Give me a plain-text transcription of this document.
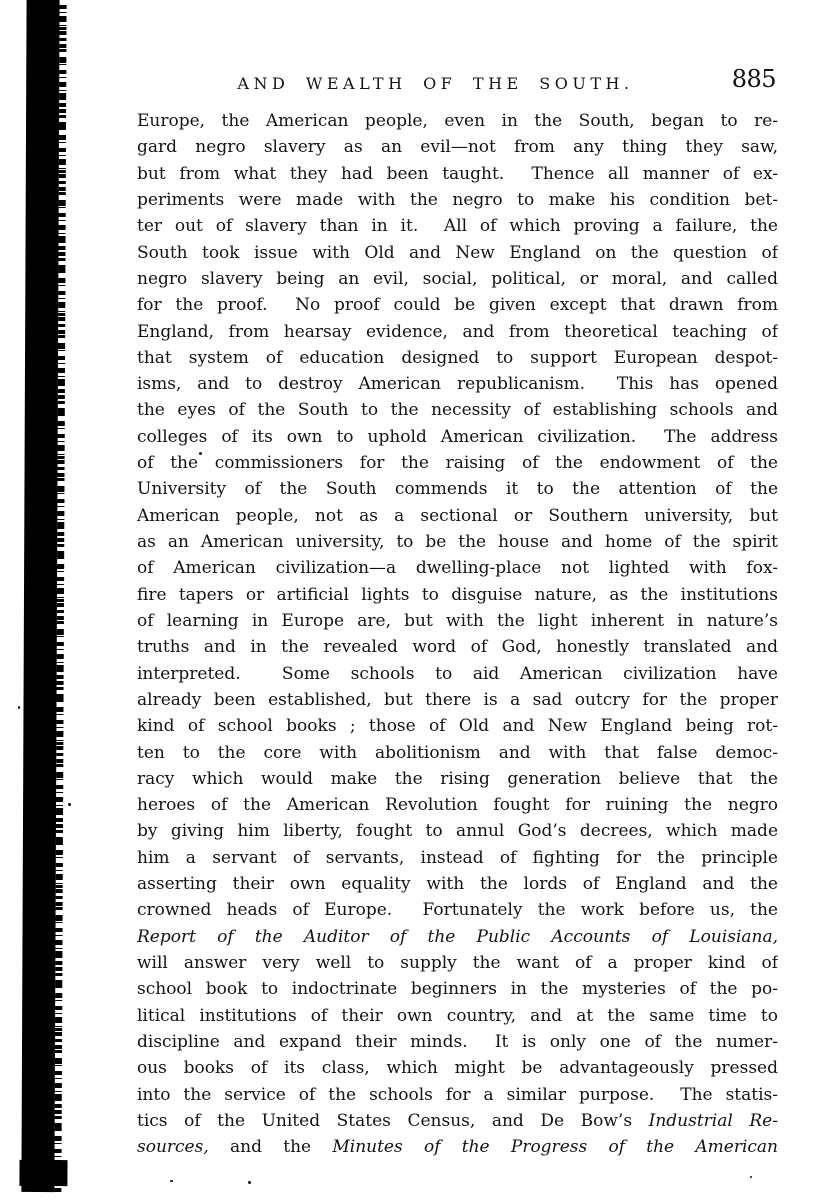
AND WEALTH OF THE SOUTH.	885
Europe, the American people, even in the South, began to re-
gard negro slavery as an evil—not from any thing they saw,
but from what they had been taught.  Thence all manner of ex-
periments were made with the negro to make his condition bet-
ter out of slavery than in it.  All of which proving a failure, the
South took issue with Old and New England on the question of
negro slavery being an evil, social, political, or moral, and called
for the proof.  No proof could be given except that drawn from
England, from hearsay evidence, and from theoretical teaching of
that system of education designed to support European despot-
isms, and to destroy American republicanism.  This has opened
the eyes of the South to the necessity of establishing schools and
colleges of its own to uphold American civilization.  The address
of the commissioners for the raising of the endowment of the
University of the South commends it to the attention of the
American people, not as a sectional or Southern university, but
as an American university, to be the house and home of the spirit
of American civilization—a dwelling-place not lighted with fox-
fire tapers or artificial lights to disguise nature, as the institutions
of learning in Europe are, but with the light inherent in nature’s
truths and in the revealed word of God, honestly translated and
interpreted.  Some schools to aid American civilization have
already been established, but there is a sad outcry for the proper
kind of school books ; those of Old and New England being rot-
ten to the core with abolitionism and with that false democ-
racy which would make the rising generation believe that the
heroes of the American Revolution fought for ruining the negro
by giving him liberty, fought to annul God’s decrees, which made
him a servant of servants, instead of fighting for the principle
asserting their own equality with the lords of England and the
crowned heads of Europe.  Fortunately the work before us, the
Report of the Auditor of the Public Accounts of Louisiana,
will answer very well to supply the want of a proper kind of
school book to indoctrinate beginners in the mysteries of the po-
litical institutions of their own country, and at the same time to
discipline and expand their minds.  It is only one of the numer-
ous books of its class, which might be advantageously pressed
into the service of the schools for a similar purpose.  The statis-
tics of the United States Census, and De Bow’s Industrial Re-
sources, and the Minutes of the Progress of the American
